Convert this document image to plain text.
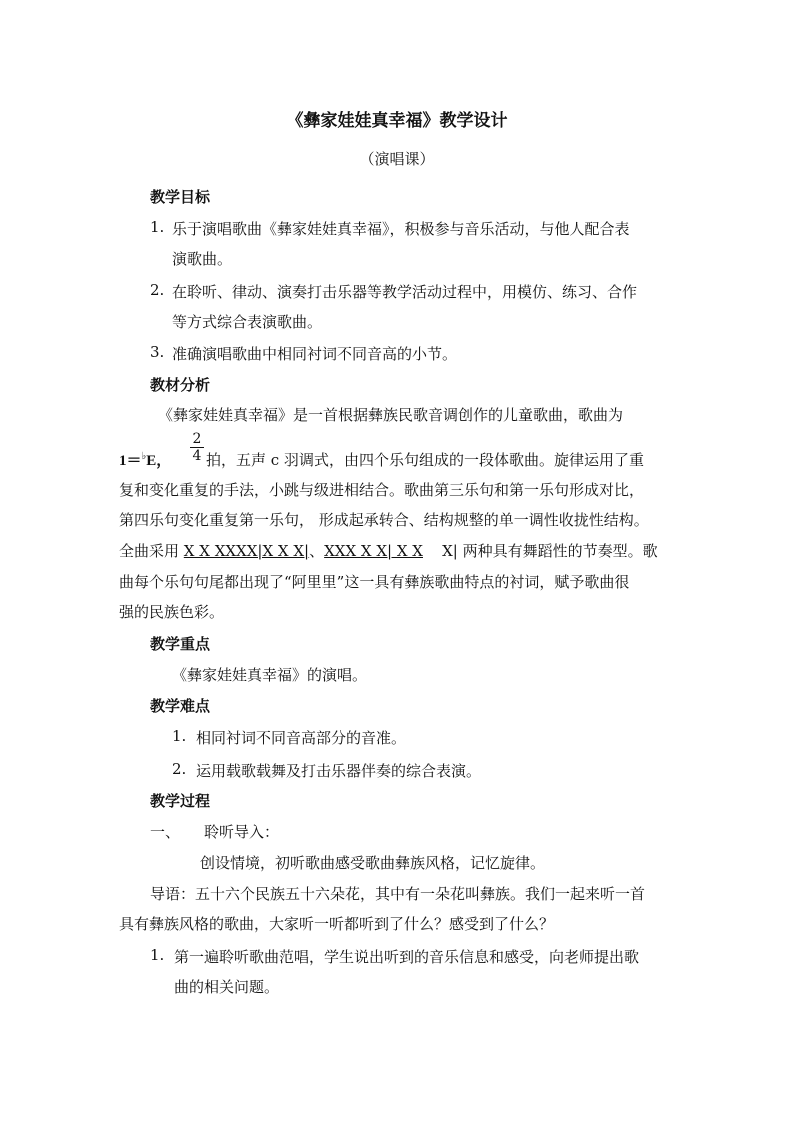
《彝家娃娃真幸福》教学设计
（演唱课）
教学目标
1. 乐于演唱歌曲《彝家娃娃真幸福》，积极参与音乐活动，与他人配合表
演歌曲。
2. 在聆听、律动、演奏打击乐器等教学活动过程中，用模仿、练习、合作
等方式综合表演歌曲。
3. 准确演唱歌曲中相同衬词不同音高的小节。
教材分析
《彝家娃娃真幸福》是一首根据彝族民歌音调创作的儿童歌曲，歌曲为
1＝♭E，
2
4 拍，五声 c 羽调式，由四个乐句组成的一段体歌曲。旋律运用了重
复和变化重复的手法，小跳与级进相结合。歌曲第三乐句和第一乐句形成对比，
第四乐句变化重复第一乐句， 形成起承转合、结构规整的单一调性收拢性结构。
全曲采用 X X XXXX|X X X|、XXX X X| X X X| 两种具有舞蹈性的节奏型。歌
曲每个乐句句尾都出现了“阿里里”这一具有彝族歌曲特点的衬词，赋予歌曲很
强的民族色彩。
教学重点
《彝家娃娃真幸福》的演唱。
教学难点
1. 相同衬词不同音高部分的音准。
2. 运用载歌载舞及打击乐器伴奏的综合表演。
教学过程
一、 聆听导入：
创设情境，初听歌曲感受歌曲彝族风格，记忆旋律。
导语：五十六个民族五十六朵花，其中有一朵花叫彝族。我们一起来听一首
具有彝族风格的歌曲，大家听一听都听到了什么？感受到了什么？
1. 第一遍聆听歌曲范唱，学生说出听到的音乐信息和感受，向老师提出歌
曲的相关问题。
